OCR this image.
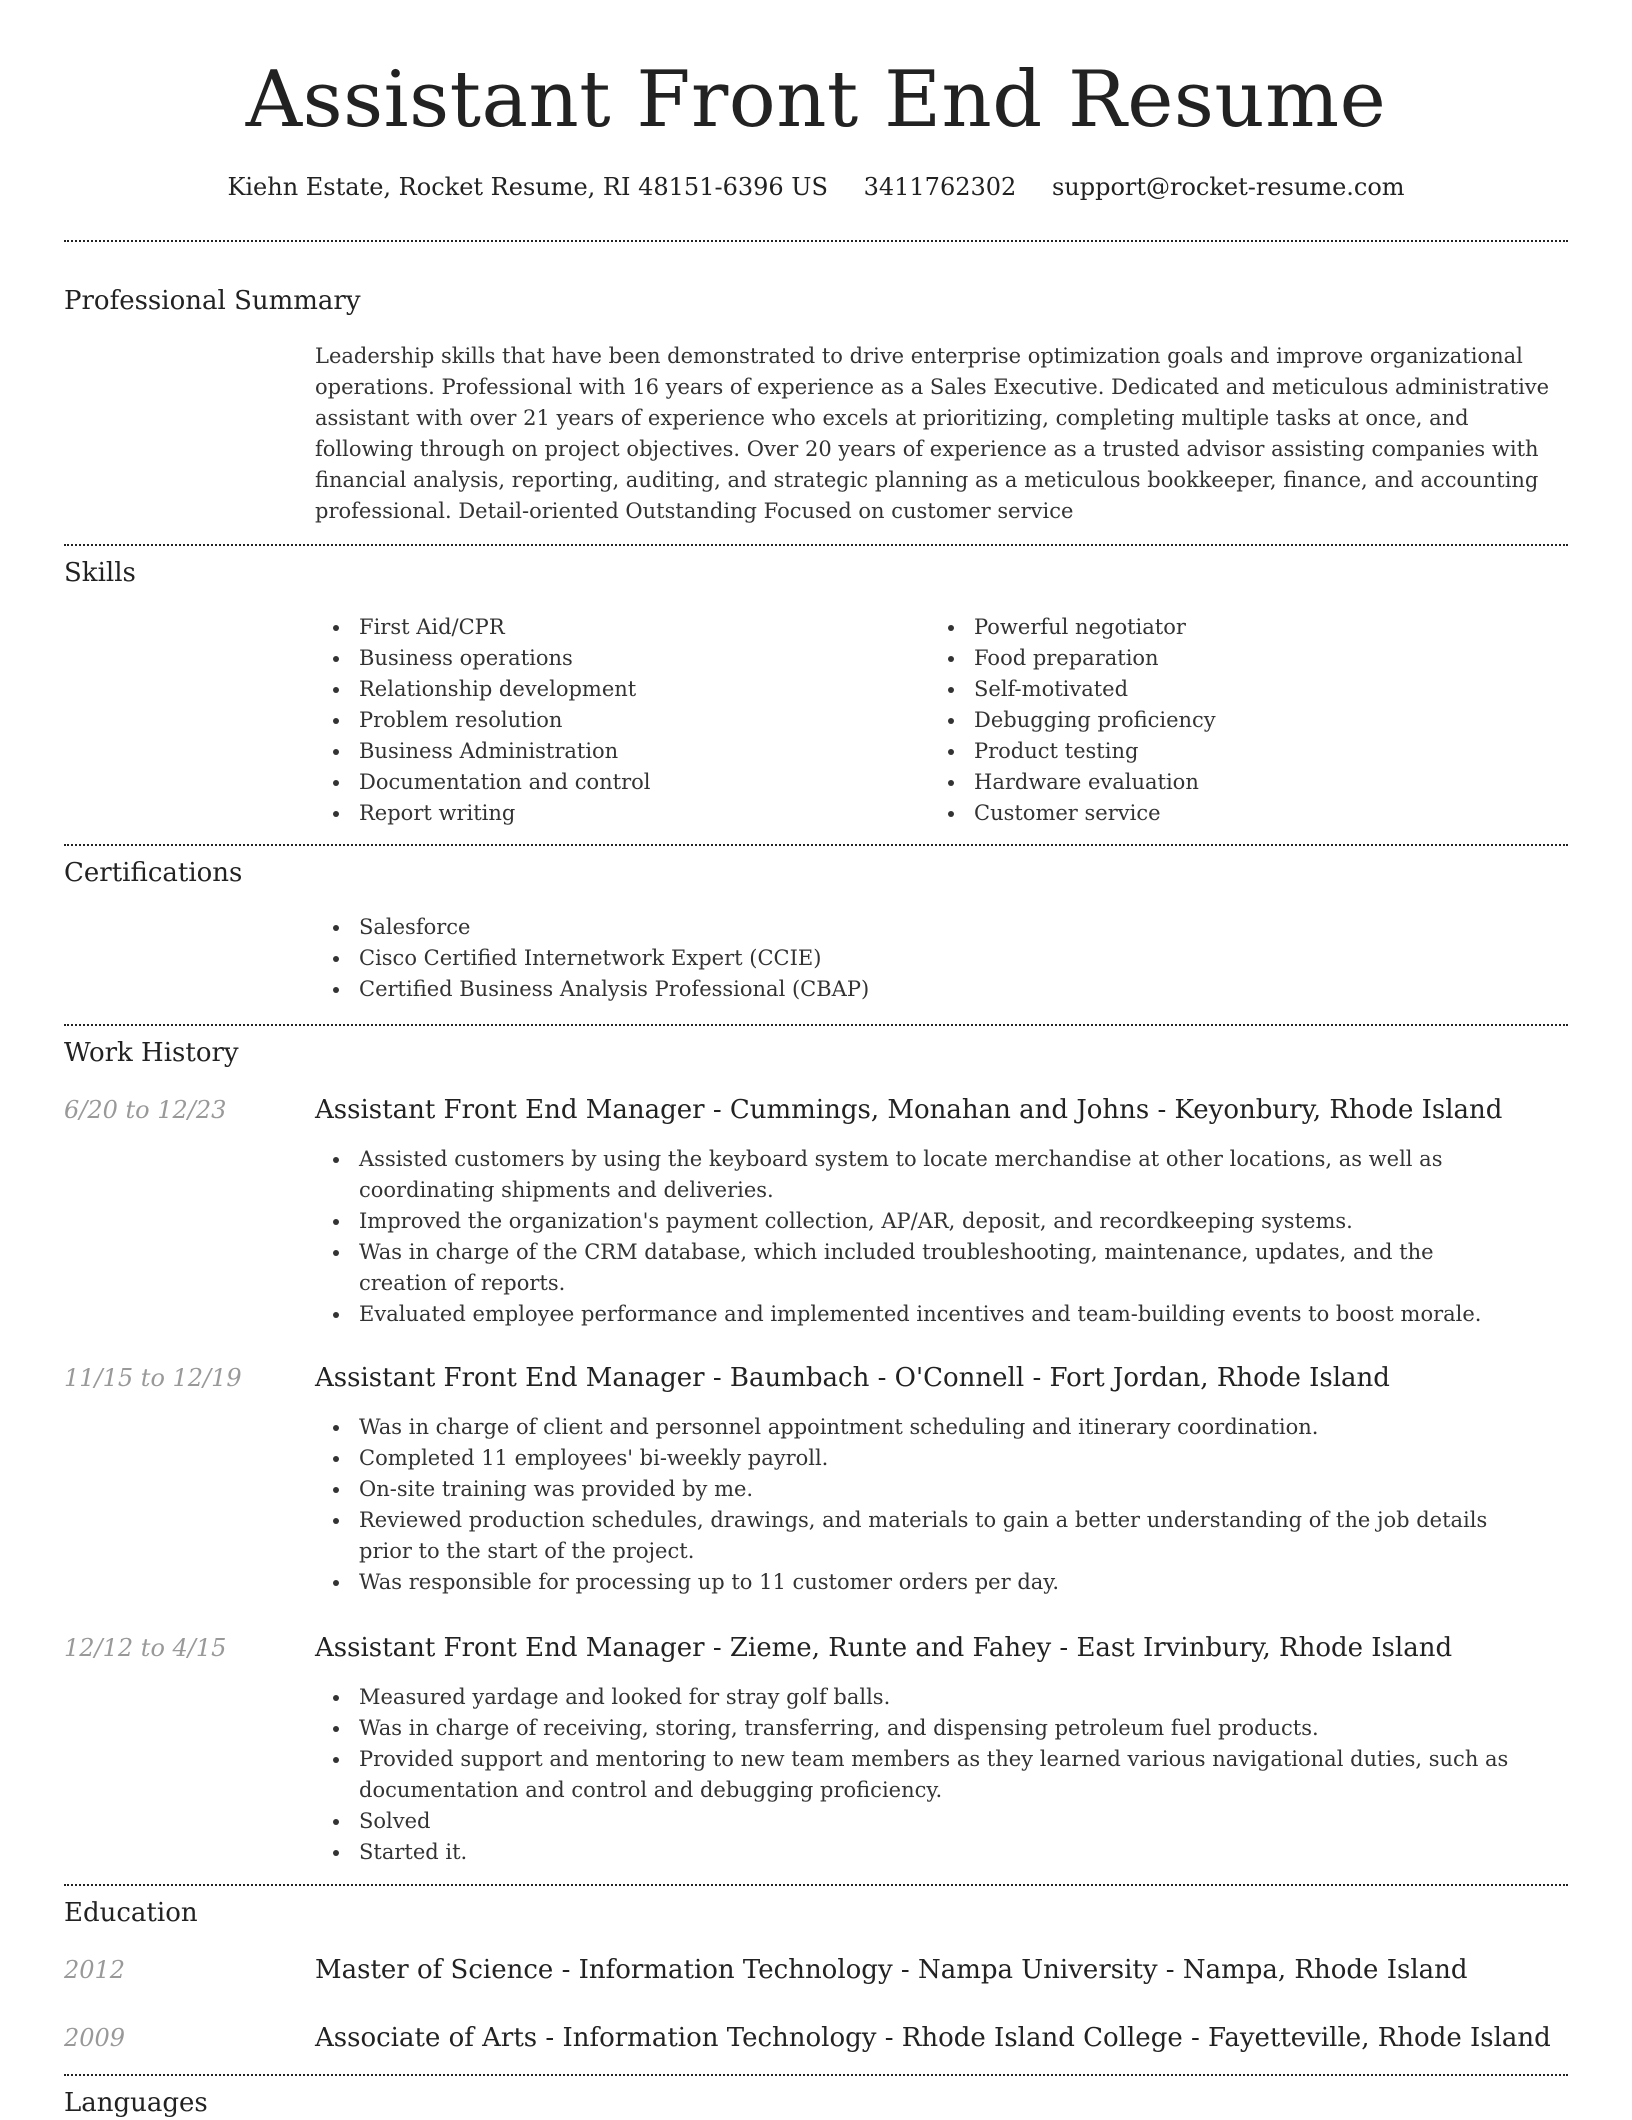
Assistant Front End Resume
Kiehn Estate, Rocket Resume, RI 48151-6396 US 3411762302 support@rocket-resume.com
Professional Summary
Leadership skills that have been demonstrated to drive enterprise optimization goals and improve organizational operations. Professional with 16 years of experience as a Sales Executive. Dedicated and meticulous administrative assistant with over 21 years of experience who excels at prioritizing, completing multiple tasks at once, and following through on project objectives. Over 20 years of experience as a trusted advisor assisting companies with financial analysis, reporting, auditing, and strategic planning as a meticulous bookkeeper, finance, and accounting professional. Detail-oriented Outstanding Focused on customer service
Skills
First Aid/CPR
Business operations
Relationship development
Problem resolution
Business Administration
Documentation and control
Report writing
Powerful negotiator
Food preparation
Self-motivated
Debugging proficiency
Product testing
Hardware evaluation
Customer service
Certifications
Salesforce
Cisco Certified Internetwork Expert (CCIE)
Certified Business Analysis Professional (CBAP)
Work History
6/20 to 12/23	Assistant Front End Manager - Cummings, Monahan and Johns - Keyonbury, Rhode Island
Assisted customers by using the keyboard system to locate merchandise at other locations, as well as coordinating shipments and deliveries.
Improved the organization's payment collection, AP/AR, deposit, and recordkeeping systems.
Was in charge of the CRM database, which included troubleshooting, maintenance, updates, and the creation of reports.
Evaluated employee performance and implemented incentives and team-building events to boost morale.
11/15 to 12/19	Assistant Front End Manager - Baumbach - O'Connell - Fort Jordan, Rhode Island
Was in charge of client and personnel appointment scheduling and itinerary coordination.
Completed 11 employees' bi-weekly payroll.
On-site training was provided by me.
Reviewed production schedules, drawings, and materials to gain a better understanding of the job details prior to the start of the project.
Was responsible for processing up to 11 customer orders per day.
12/12 to 4/15	Assistant Front End Manager - Zieme, Runte and Fahey - East Irvinbury, Rhode Island
Measured yardage and looked for stray golf balls.
Was in charge of receiving, storing, transferring, and dispensing petroleum fuel products.
Provided support and mentoring to new team members as they learned various navigational duties, such as documentation and control and debugging proficiency.
Solved
Started it.
Education
2012	Master of Science - Information Technology - Nampa University - Nampa, Rhode Island
2009	Associate of Arts - Information Technology - Rhode Island College - Fayetteville, Rhode Island
Languages
